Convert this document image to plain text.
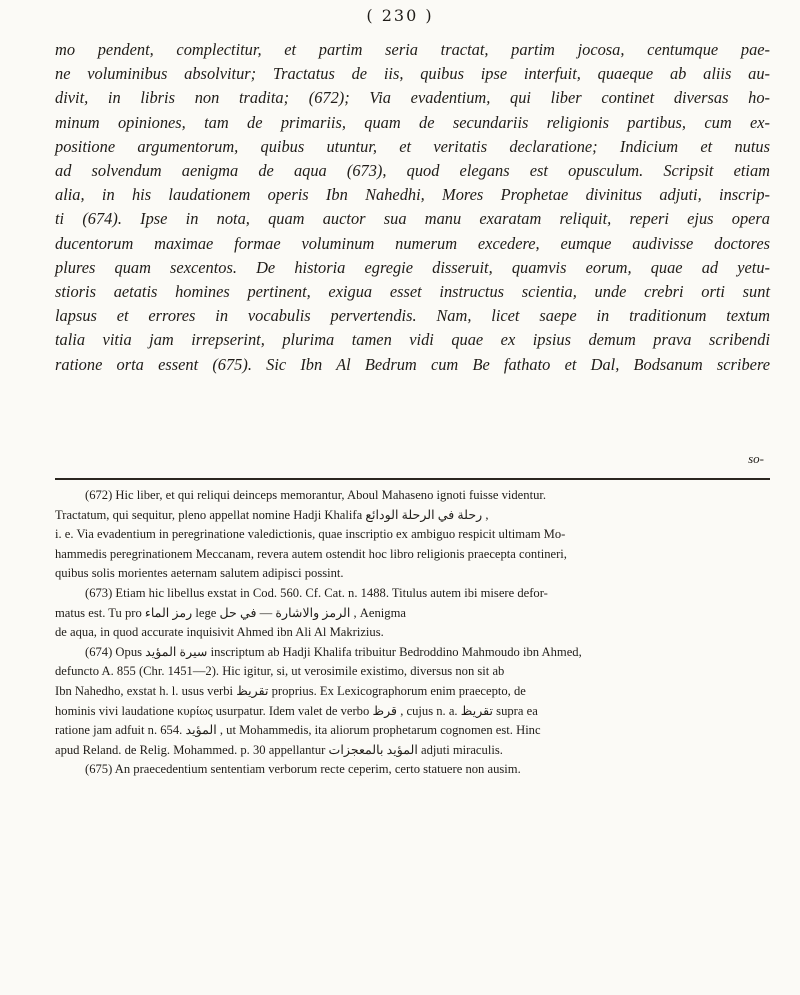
( 230 )
mo pendent, complectitur, et partim seria tractat, partim jocosa, centumque pae-
ne voluminibus absolvitur; Tractatus de iis, quibus ipse interfuit, quaeque ab aliis au-
divit, in libris non tradita; (672); Via evadentium, qui liber continet diversas ho-
minum opiniones, tam de primariis, quam de secundariis religionis partibus, cum ex-
positione argumentorum, quibus utuntur, et veritatis declaratione; Indicium et nutus
ad solvendum aenigma de aqua (673), quod elegans est opusculum. Scripsit etiam
alia, in his laudationem operis Ibn Nahedhi, Mores Prophetae divinitus adjuti, inscrip-
ti (674). Ipse in nota, quam auctor sua manu exaratam reliquit, reperi ejus opera
ducentorum maximae formae voluminum numerum excedere, eumque audivisse doctores
plures quam sexcentos. De historia egregie disseruit, quamvis eorum, quae ad yetu-
stioris aetatis homines pertinent, exigua esset instructus scientia, unde crebri orti sunt
lapsus et errores in vocabulis pervertendis. Nam, licet saepe in traditionum textum
talia vitia jam irrepserint, plurima tamen vidi quae ex ipsius demum prava scribendi
ratione orta essent (675). Sic Ibn Al Bedrum cum Be fathato et Dal, Bodsanum scribere
so-
(672) Hic liber, et qui reliqui deinceps memorantur, Aboul Mahaseno ignoti fuisse videntur.
Tractatum, qui sequitur, pleno appellat nomine Hadji Khalifa رحلة في الرحلة الودائع ,
i. e. Via evadentium in peregrinatione valedictionis, quae inscriptio ex ambiguo respicit ultimam Mo-
hammedis peregrinationem Meccanam, revera autem ostendit hoc libro religionis praecepta contineri,
quibus solis morientes aeternam salutem adipisci possint.
(673) Etiam hic libellus exstat in Cod. 560. Cf. Cat. n. 1488. Titulus autem ibi misere defor-
matus est. Tu pro رمز الماء lege الرمز والاشارة — في حل , Aenigma
de aqua, in quod accurate inquisivit Ahmed ibn Ali Al Makrizius.
(674) Opus سيرة المؤيد inscriptum ab Hadji Khalifa tribuitur Bedroddino Mahmoudo ibn Ahmed,
defuncto A. 855 (Chr. 1451—2). Hic igitur, si, ut verosimile existimo, diversus non sit ab
Ibn Nahedho, exstat h. l. usus verbi تقريظ proprius. Ex Lexicographorum enim praecepto, de
hominis vivi laudatione κυρίως usurpatur. Idem valet de verbo قرظ , cujus n. a. تقريظ supra ea
ratione jam adfuit n. 654. المؤيد , ut Mohammedis, ita aliorum prophetarum cognomen est. Hinc
apud Reland. de Relig. Mohammed. p. 30 appellantur المؤيد بالمعجزات adjuti miraculis.
(675) An praecedentium sententiam verborum recte ceperim, certo statuere non ausim.
